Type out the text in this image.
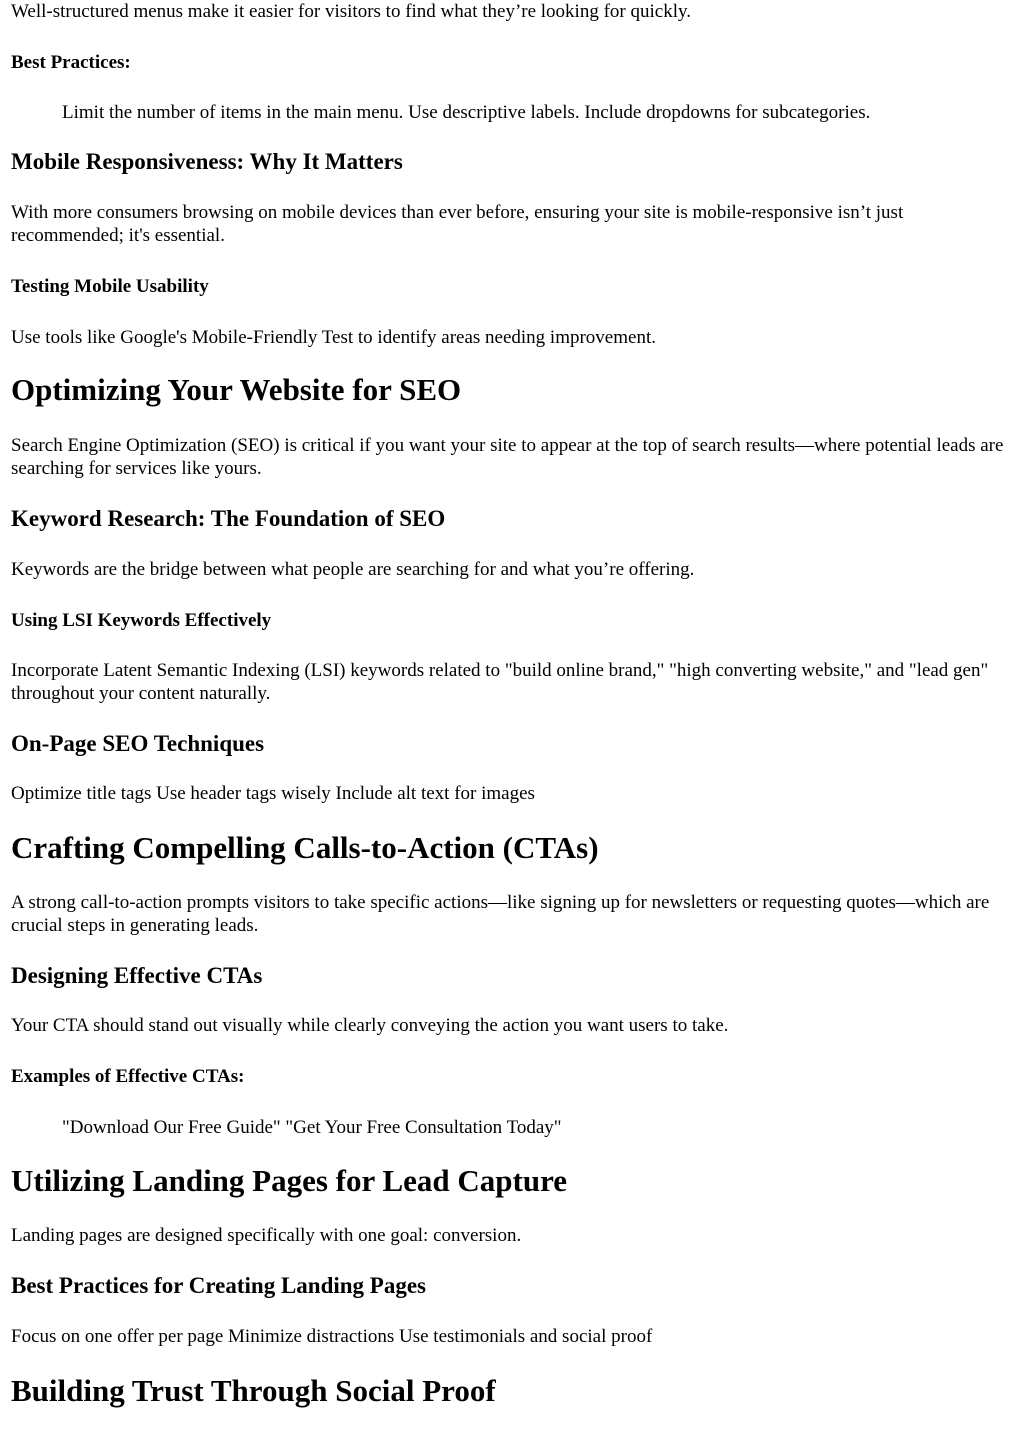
Well-structured menus make it easier for visitors to find what they’re looking for quickly.

Best Practices:
Limit the number of items in the main menu. Use descriptive labels. Include dropdowns for subcategories.
Mobile Responsiveness: Why It Matters

With more consumers browsing on mobile devices than ever before, ensuring your site is mobile-responsive isn’t just recommended; it's essential.

Testing Mobile Usability

Use tools like Google's Mobile-Friendly Test to identify areas needing improvement.

Optimizing Your Website for SEO

Search Engine Optimization (SEO) is critical if you want your site to appear at the top of search results—where potential leads are searching for services like yours.

Keyword Research: The Foundation of SEO

Keywords are the bridge between what people are searching for and what you’re offering.

Using LSI Keywords Effectively

Incorporate Latent Semantic Indexing (LSI) keywords related to "build online brand," "high converting website," and "lead gen" throughout your content naturally.

On-Page SEO Techniques

Optimize title tags Use header tags wisely Include alt text for images

Crafting Compelling Calls-to-Action (CTAs)

A strong call-to-action prompts visitors to take specific actions—like signing up for newsletters or requesting quotes—which are crucial steps in generating leads.

Designing Effective CTAs

Your CTA should stand out visually while clearly conveying the action you want users to take.

Examples of Effective CTAs:
"Download Our Free Guide" "Get Your Free Consultation Today"
Utilizing Landing Pages for Lead Capture

Landing pages are designed specifically with one goal: conversion.

Best Practices for Creating Landing Pages

Focus on one offer per page Minimize distractions Use testimonials and social proof

Building Trust Through Social Proof
